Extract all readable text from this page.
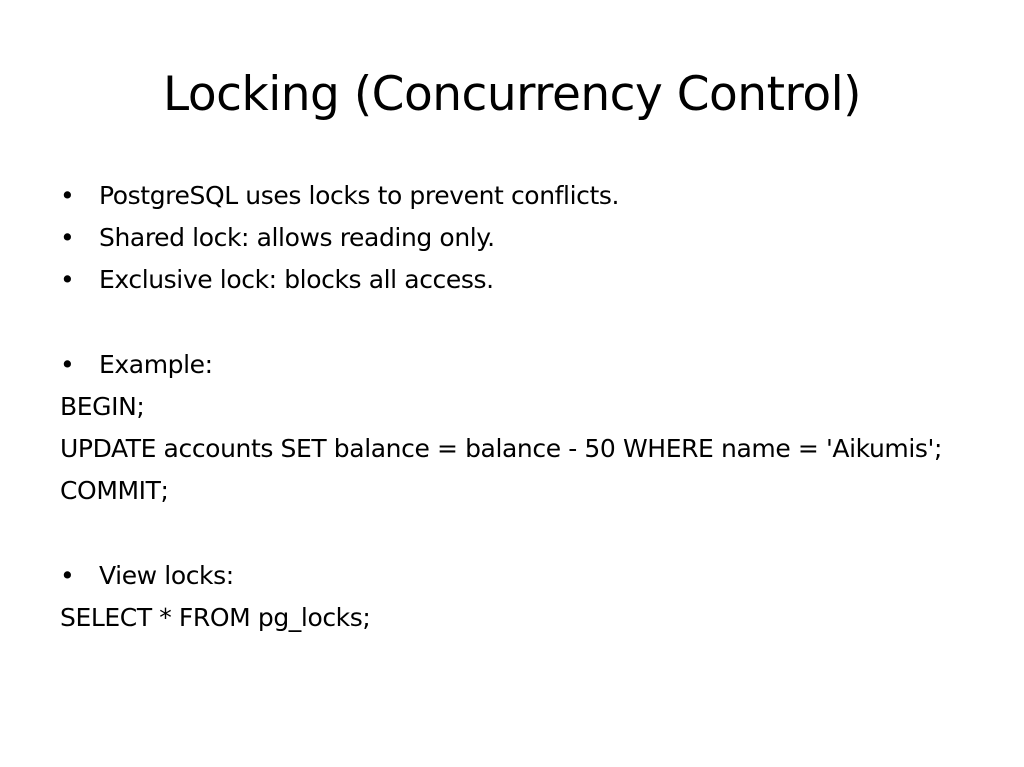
Locking (Concurrency Control)
• PostgreSQL uses locks to prevent conflicts.
• Shared lock: allows reading only.
• Exclusive lock: blocks all access.
• Example:
BEGIN;
UPDATE accounts SET balance = balance - 50 WHERE name = 'Aikumis';
COMMIT;
• View locks:
SELECT * FROM pg_locks;
